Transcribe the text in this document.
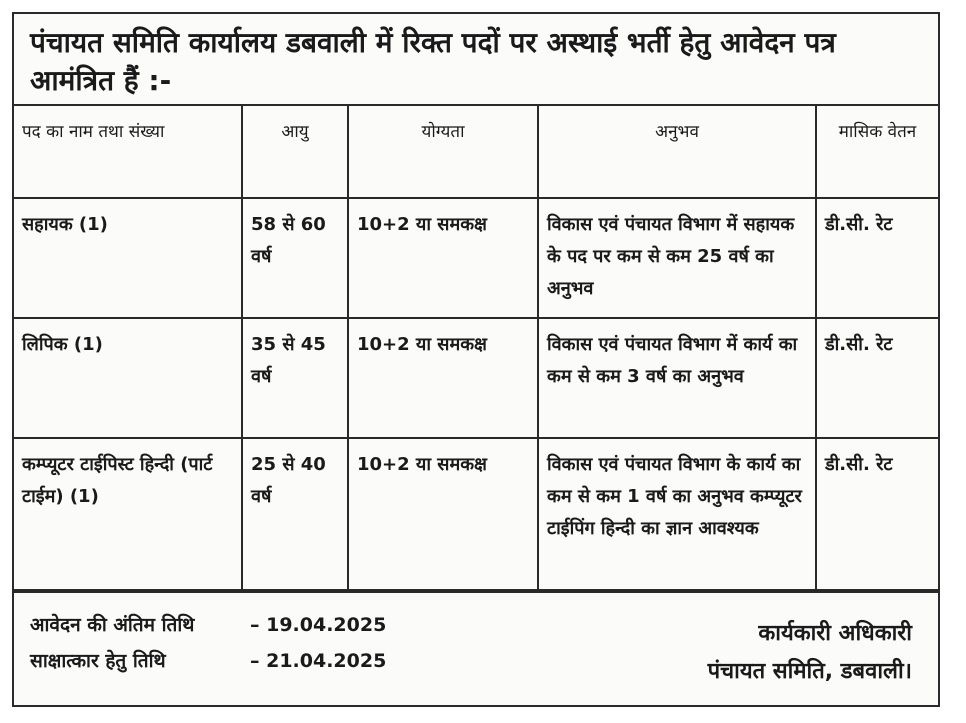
पंचायत समिति कार्यालय डबवाली में रिक्त पदों पर अस्थाई भर्ती हेतु आवेदन पत्र आमंत्रित हैं :-
पद का नाम तथा संख्या	आयु	योग्यता	अनुभव	मासिक वेतन
सहायक (1)	58 से 60 वर्ष	10+2 या समकक्ष	विकास एवं पंचायत विभाग में सहायक के पद पर कम से कम 25 वर्ष का अनुभव	डी.सी. रेट
लिपिक (1)	35 से 45 वर्ष	10+2 या समकक्ष	विकास एवं पंचायत विभाग में कार्य का कम से कम 3 वर्ष का अनुभव	डी.सी. रेट
कम्प्यूटर टाईपिस्ट हिन्दी (पार्ट टाईम) (1)	25 से 40 वर्ष	10+2 या समकक्ष	विकास एवं पंचायत विभाग के कार्य का कम से कम 1 वर्ष का अनुभव कम्प्यूटर टाईपिंग हिन्दी का ज्ञान आवश्यक	डी.सी. रेट
आवेदन की अंतिम तिथि	– 19.04.2025
साक्षात्कार हेतु तिथि	– 21.04.2025
कार्यकारी अधिकारी
पंचायत समिति, डबवाली।
